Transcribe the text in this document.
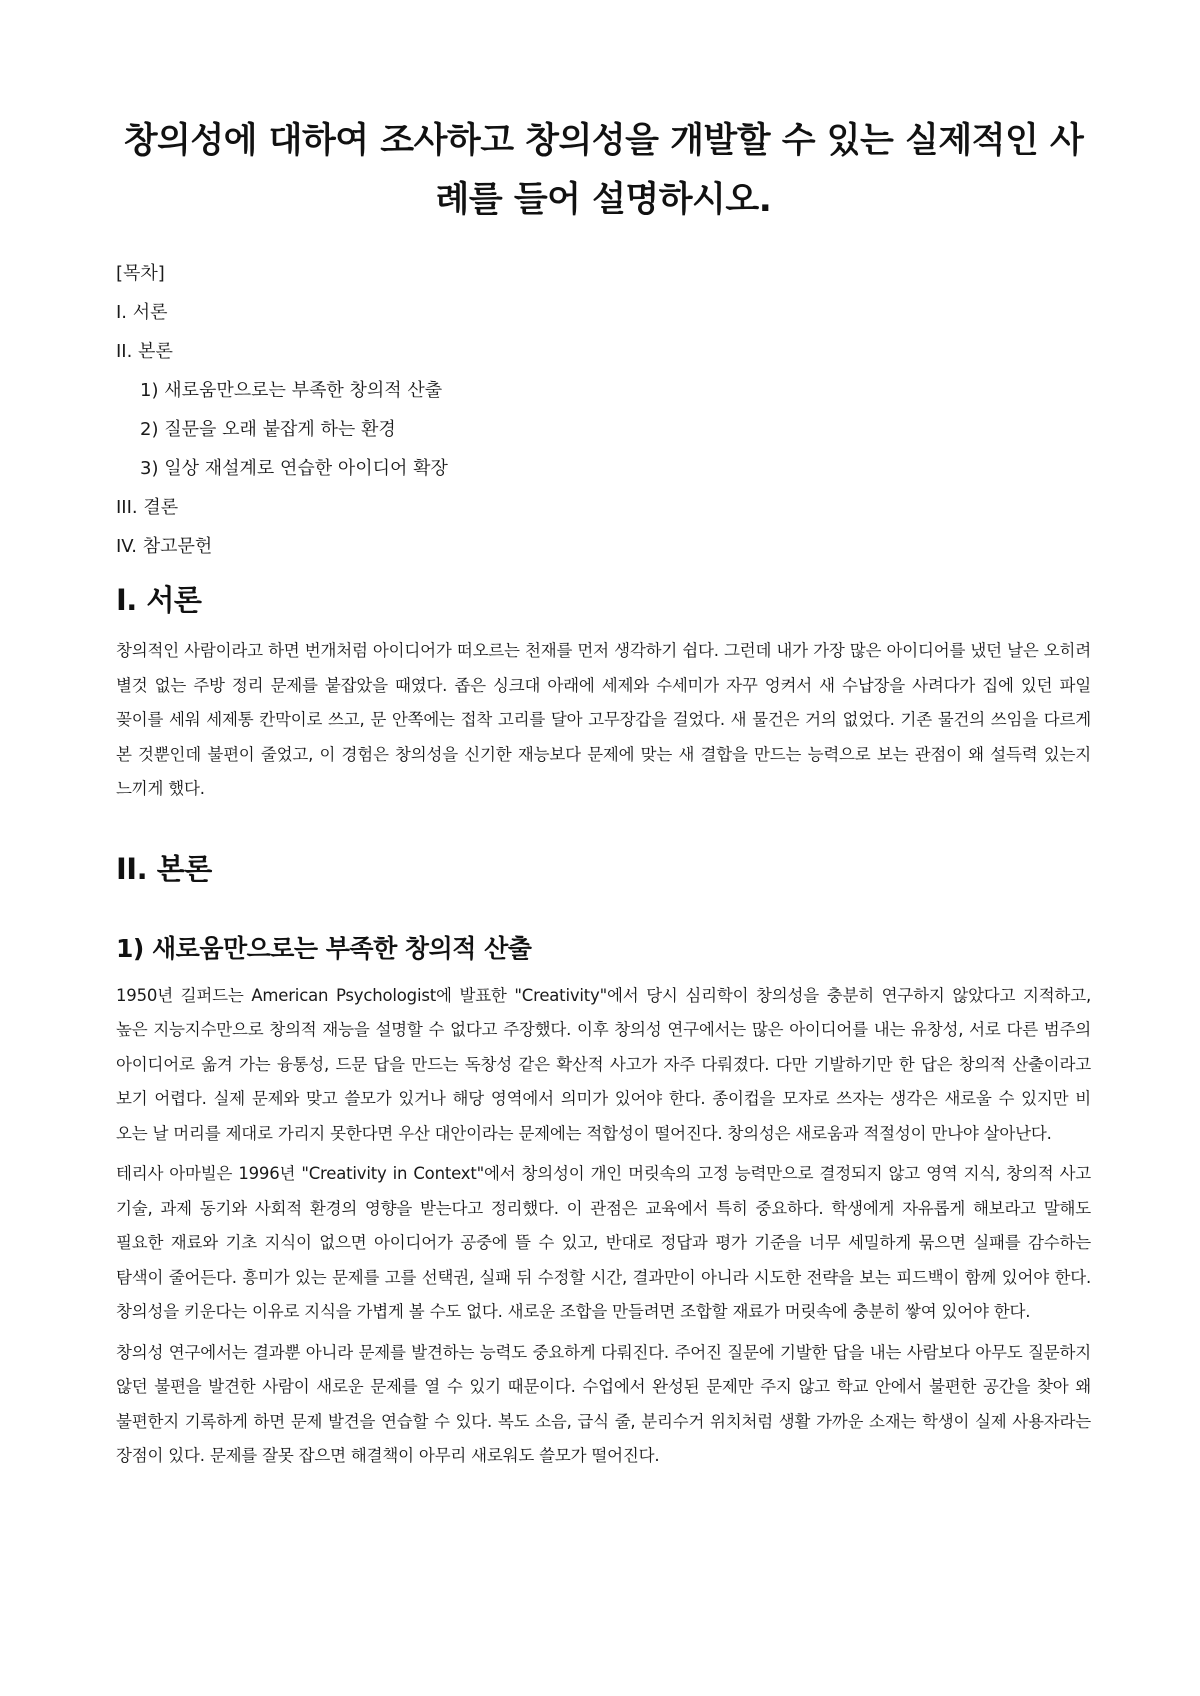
창의성에 대하여 조사하고 창의성을 개발할 수 있는 실제적인 사례를 들어 설명하시오.
[목차]
I. 서론
II. 본론
1) 새로움만으로는 부족한 창의적 산출
2) 질문을 오래 붙잡게 하는 환경
3) 일상 재설계로 연습한 아이디어 확장
III. 결론
IV. 참고문헌
I. 서론

창의적인 사람이라고 하면 번개처럼 아이디어가 떠오르는 천재를 먼저 생각하기 쉽다. 그런데 내가 가장 많은 아이디어를 냈던 날은 오히려 별것 없는 주방 정리 문제를 붙잡았을 때였다. 좁은 싱크대 아래에 세제와 수세미가 자꾸 엉켜서 새 수납장을 사려다가 집에 있던 파일 꽂이를 세워 세제통 칸막이로 쓰고, 문 안쪽에는 접착 고리를 달아 고무장갑을 걸었다. 새 물건은 거의 없었다. 기존 물건의 쓰임을 다르게 본 것뿐인데 불편이 줄었고, 이 경험은 창의성을 신기한 재능보다 문제에 맞는 새 결합을 만드는 능력으로 보는 관점이 왜 설득력 있는지 느끼게 했다.

II. 본론
1) 새로움만으로는 부족한 창의적 산출

1950년 길퍼드는 American Psychologist에 발표한 "Creativity"에서 당시 심리학이 창의성을 충분히 연구하지 않았다고 지적하고, 높은 지능지수만으로 창의적 재능을 설명할 수 없다고 주장했다. 이후 창의성 연구에서는 많은 아이디어를 내는 유창성, 서로 다른 범주의 아이디어로 옮겨 가는 융통성, 드문 답을 만드는 독창성 같은 확산적 사고가 자주 다뤄졌다. 다만 기발하기만 한 답은 창의적 산출이라고 보기 어렵다. 실제 문제와 맞고 쓸모가 있거나 해당 영역에서 의미가 있어야 한다. 종이컵을 모자로 쓰자는 생각은 새로울 수 있지만 비 오는 날 머리를 제대로 가리지 못한다면 우산 대안이라는 문제에는 적합성이 떨어진다. 창의성은 새로움과 적절성이 만나야 살아난다.

테리사 아마빌은 1996년 "Creativity in Context"에서 창의성이 개인 머릿속의 고정 능력만으로 결정되지 않고 영역 지식, 창의적 사고 기술, 과제 동기와 사회적 환경의 영향을 받는다고 정리했다. 이 관점은 교육에서 특히 중요하다. 학생에게 자유롭게 해보라고 말해도 필요한 재료와 기초 지식이 없으면 아이디어가 공중에 뜰 수 있고, 반대로 정답과 평가 기준을 너무 세밀하게 묶으면 실패를 감수하는 탐색이 줄어든다. 흥미가 있는 문제를 고를 선택권, 실패 뒤 수정할 시간, 결과만이 아니라 시도한 전략을 보는 피드백이 함께 있어야 한다. 창의성을 키운다는 이유로 지식을 가볍게 볼 수도 없다. 새로운 조합을 만들려면 조합할 재료가 머릿속에 충분히 쌓여 있어야 한다.

창의성 연구에서는 결과뿐 아니라 문제를 발견하는 능력도 중요하게 다뤄진다. 주어진 질문에 기발한 답을 내는 사람보다 아무도 질문하지 않던 불편을 발견한 사람이 새로운 문제를 열 수 있기 때문이다. 수업에서 완성된 문제만 주지 않고 학교 안에서 불편한 공간을 찾아 왜 불편한지 기록하게 하면 문제 발견을 연습할 수 있다. 복도 소음, 급식 줄, 분리수거 위치처럼 생활 가까운 소재는 학생이 실제 사용자라는 장점이 있다. 문제를 잘못 잡으면 해결책이 아무리 새로워도 쓸모가 떨어진다.
